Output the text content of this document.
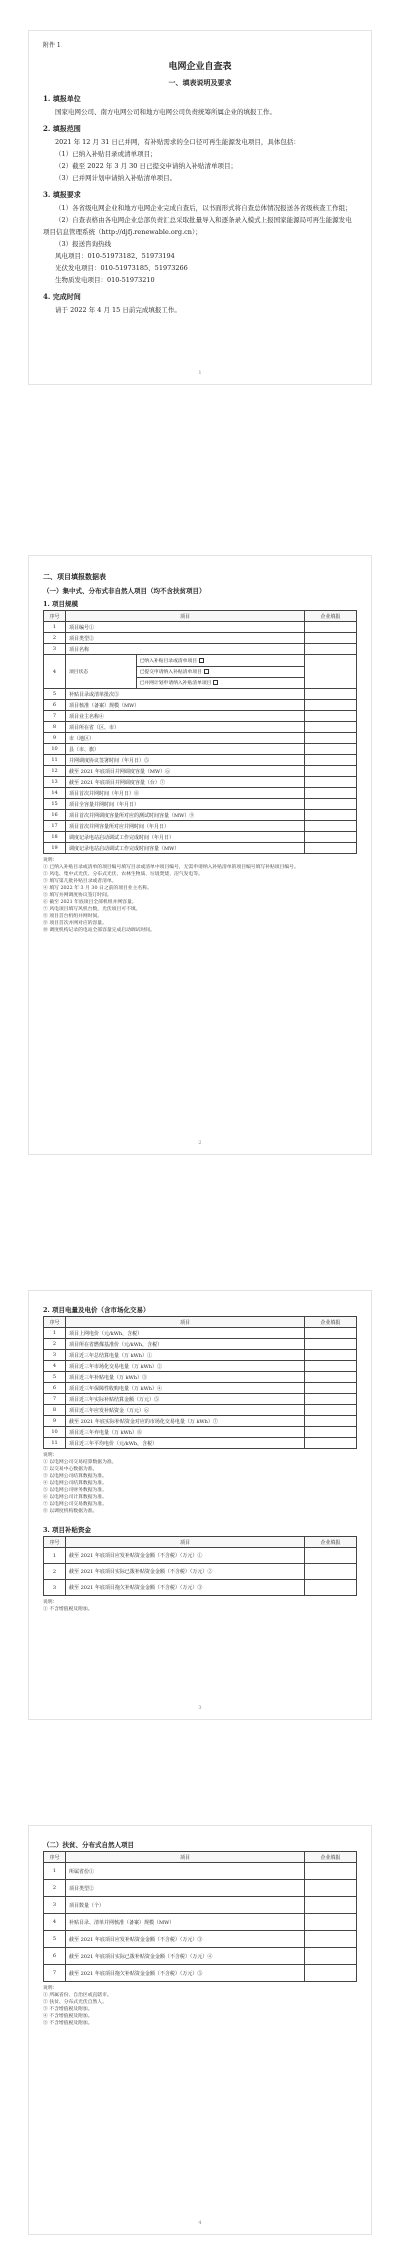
附件 1
电网企业自查表
一、填表说明及要求
1. 填报单位

国家电网公司、南方电网公司和地方电网公司负责统筹所属企业的填报工作。

2. 填报范围

2021 年 12 月 31 日已并网，有补贴需求的全口径可再生能源发电项目，具体包括：

（1）已纳入补贴目录或清单项目；

（2）截至 2022 年 3 月 30 日已提交申请纳入补贴清单项目；

（3）已并网计划申请纳入补贴清单项目。

3. 填报要求

（1）各省级电网企业和地方电网企业完成自查后，以书面形式将自查总体情况报送各省级核查工作组；

（2）自查表格由各电网企业总部负责汇总采取批量导入和逐条录入模式上报国家能源局可再生能源发电项目信息管理系统（http://djfj.renewable.org.cn）；

（3）报送咨询热线

风电项目：010-51973182、51973194

光伏发电项目：010-51973185、51973266

生物质发电项目：010-51973210

4. 完成时间

请于 2022 年 4 月 15 日前完成填报工作。

1
二、项目填报数据表
（一）集中式、分布式非自然人项目（均不含扶贫项目）
1. 项目规模
序号	项目	企业填报
1	项目编号①	
2	项目类型②	
3	项目名称	
4		项目状态	已纳入补贴目录或清单项目
已提交申请纳入补贴清单项目
已并网计划申请纳入补贴清单项目

5	补贴目录或清单批次③	
6	项目核准（备案）规模（MW）	
7	项目业主名称④	
8	项目所在省（区、市）	
9	市（地区）	
10	县（市、旗）	
11	并网调度协议签署时间（年月日）⑤	
12	截至 2021 年底项目并网调度容量（MW）⑥	
13	截至 2021 年底项目并网调度容量（台）⑦	
14	项目首次并网时间（年月日）⑧	
15	项目全容量并网时间（年月日）	
16	项目首次并网调度容量所对应的测试时间容量（MW）⑨	
17	项目首次并网容量所对应并网时间（年月日）	
18	调度记录电站启动调试工作完成时间（年月日）	
19	调度记录电站启动调试工作完成时间容量（MW）	

说明：

① 已纳入补贴目录或清单的项目编号填写目录或清单中项目编号，无需申请纳入补贴清单的项目编号填写补贴项目编号。

② 风电、集中式光伏、分布式光伏、农林生物质、垃圾焚烧、沼气发电等。

③ 填写第几批补贴目录或者清单。

④ 填写 2022 年 3 月 30 日之前的项目业主名称。

⑤ 填写并网调度协议签订时间。

⑥ 截至 2021 年底项目全部机组并网容量。

⑦ 风电项目填写风机台数，光伏项目可不填。

⑧ 项目首台机组并网时间。

⑨ 项目首次并网对应的容量。

⑩ 调度机构记录的电站全部容量完成启动调试时间。

2
2. 项目电量及电价（含市场化交易）
序号	项目	企业填报
1	项目上网电价（元/kWh，含税）	
2	项目所在省燃煤基准价（元/kWh，含税）	
3	项目近三年总结算电量（万 kWh）①	
4	项目近三年市场化交易电量（万 kWh）②	
5	项目近三年补贴电量（万 kWh）③	
6	项目近三年保障性收购电量（万 kWh）④	
7	项目近三年实际补贴结算金额（万元）⑤	
8	项目近三年应发补贴资金（万元）⑥	
9	截至 2021 年底实际补贴资金对应的市场化交易电量（万 kWh）⑦	
10	项目近三年弃电量（万 kWh）⑧	
11	项目近三年平均电价（元/kWh，含税）	

说明：

① 以电网公司交易结算数据为准。

② 以交易中心数据为准。

③ 以电网公司结算数据为准。

④ 以电网公司结算数据为准。

⑤ 以电网公司财务数据为准。

⑥ 以电网公司计算数据为准。

⑦ 以电网公司交易数据为准。

⑧ 以调度机构数据为准。

3. 项目补贴资金
序号	项目	企业填报
1	截至 2021 年底项目应发补贴资金金额（不含税）（万元）①	
2	截至 2021 年底项目实际已拨补贴资金金额（不含税）（万元）②	
3	截至 2021 年底项目拖欠补贴资金金额（不含税）（万元）③	

说明：

① 不含增值税及附加。

3
（二）扶贫、分布式自然人项目
序号	项目	企业填报
1	所属省份①	
2	项目类型②	
3	项目数量（个）	
4	补贴目录、清单并网核准（备案）规模（MW）	
5	截至 2021 年底项目应发补贴资金金额（不含税）（万元）③	
6	截至 2021 年底项目实际已拨补贴资金金额（不含税）（万元）④	
7	截至 2021 年底项目拖欠补贴资金金额（不含税）（万元）⑤	

说明：

① 所属省份、自治区或直辖市。

② 扶贫、分布式光伏自然人。

③ 不含增值税及附加。

④ 不含增值税及附加。

⑤ 不含增值税及附加。

4
